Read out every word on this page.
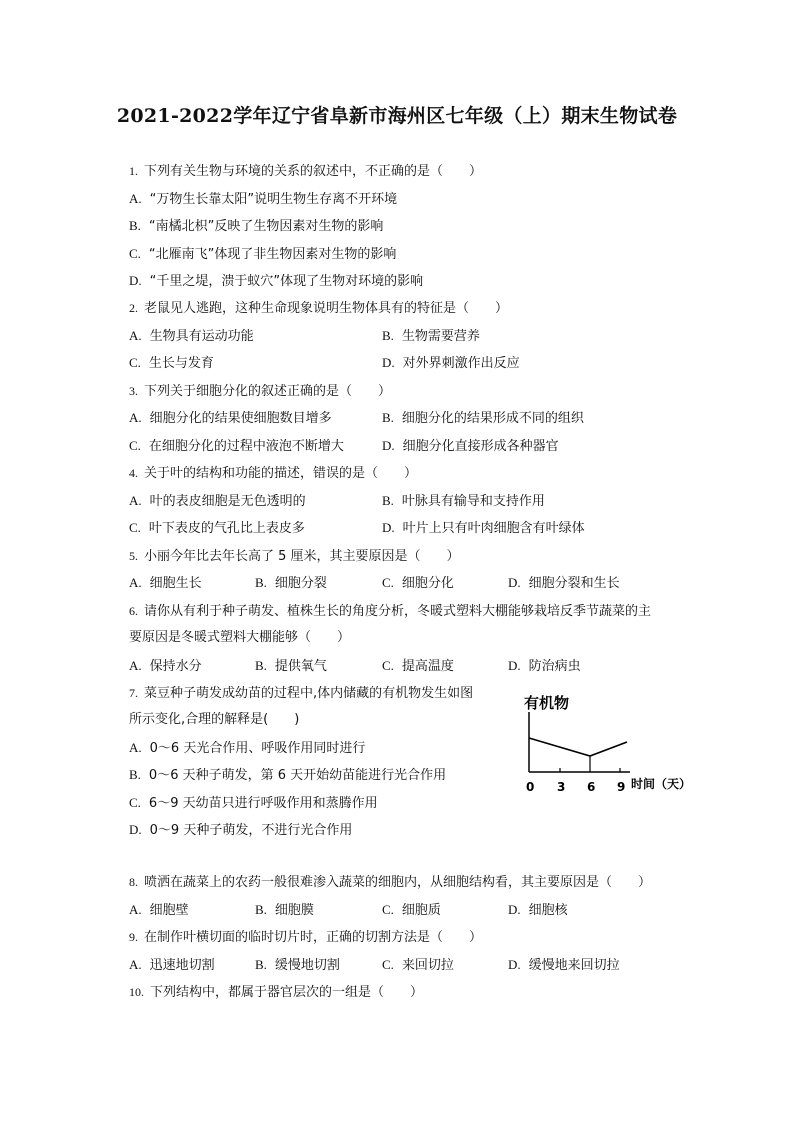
2021-2022学年辽宁省阜新市海州区七年级（上）期末生物试卷
1. 下列有关生物与环境的关系的叙述中，不正确的是（　　）
A. “万物生长靠太阳”说明生物生存离不开环境
B. “南橘北枳”反映了生物因素对生物的影响
C. “北雁南飞”体现了非生物因素对生物的影响
D. “千里之堤，溃于蚁穴”体现了生物对环境的影响
2. 老鼠见人逃跑，这种生命现象说明生物体具有的特征是（　　）
A. 生物具有运动功能	B. 生物需要营养
C. 生长与发育	D. 对外界刺激作出反应
3. 下列关于细胞分化的叙述正确的是（　　）
A. 细胞分化的结果使细胞数目增多	B. 细胞分化的结果形成不同的组织
C. 在细胞分化的过程中液泡不断增大	D. 细胞分化直接形成各种器官
4. 关于叶的结构和功能的描述，错误的是（　　）
A. 叶的表皮细胞是无色透明的	B. 叶脉具有输导和支持作用
C. 叶下表皮的气孔比上表皮多	D. 叶片上只有叶肉细胞含有叶绿体
5. 小丽今年比去年长高了 5 厘米，其主要原因是（　　）
A. 细胞生长	B. 细胞分裂	C. 细胞分化	D. 细胞分裂和生长
6. 请你从有利于种子萌发、植株生长的角度分析，冬暖式塑料大棚能够栽培反季节蔬菜的主
要原因是冬暖式塑料大棚能够（　　）
A. 保持水分	B. 提供氧气	C. 提高温度	D. 防治病虫
7. 菜豆种子萌发成幼苗的过程中,体内储藏的有机物发生如图
所示变化,合理的解释是(　　)
A. 0～6 天光合作用、呼吸作用同时进行
B. 0～6 天种子萌发，第 6 天开始幼苗能进行光合作用
C. 6～9 天幼苗只进行呼吸作用和蒸腾作用
D. 0～9 天种子萌发，不进行光合作用
有机物
0 3 6 9 时间（天）
8. 喷洒在蔬菜上的农药一般很难渗入蔬菜的细胞内，从细胞结构看，其主要原因是（　　）
A. 细胞壁	B. 细胞膜	C. 细胞质	D. 细胞核
9. 在制作叶横切面的临时切片时，正确的切割方法是（　　）
A. 迅速地切割	B. 缓慢地切割	C. 来回切拉	D. 缓慢地来回切拉
10. 下列结构中，都属于器官层次的一组是（　　）
